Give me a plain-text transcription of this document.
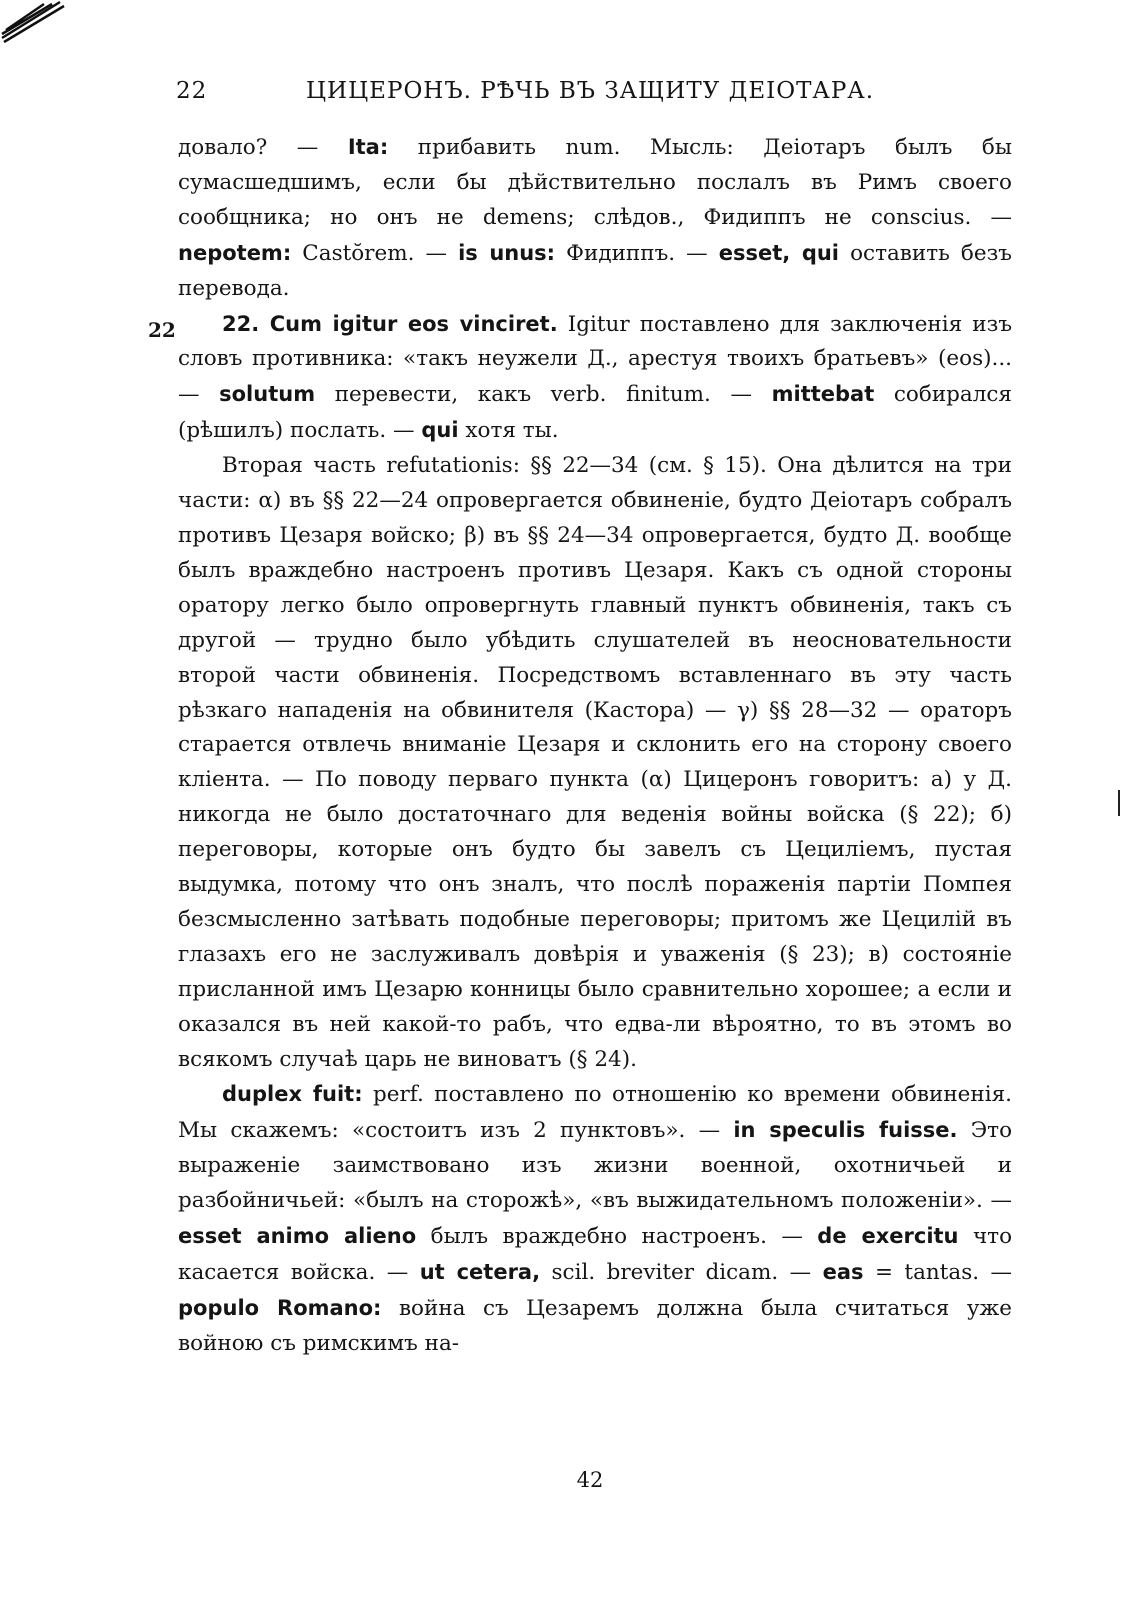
22	ЦИЦЕРОНЪ. РѢЧЬ ВЪ ЗАЩИТУ ДЕІОТАРА.
22

довало? — Ita: прибавить num. Мысль: Деіотаръ былъ бы сумасшедшимъ, если бы дѣйствительно послалъ въ Римъ своего сообщника; но онъ не demens; слѣдов., Фидиппъ не conscius. — nepotem: Castŏrem. — is unus: Фидиппъ. — esset, qui оставить безъ перевода.

22. Cum igitur eos vinciret. Igitur поставлено для заключенія изъ словъ противника: «такъ неужели Д., арестуя твоихъ братьевъ» (eos)... — solutum перевести, какъ verb. finitum. — mittebat собирался (рѣшилъ) послать. — qui хотя ты.

Вторая часть refutationis: §§ 22—34 (см. § 15). Она дѣлится на три части: α) въ §§ 22—24 опровергается обвиненіе, будто Деіотаръ собралъ противъ Цезаря войско; β) въ §§ 24—34 опровергается, будто Д. вообще былъ враждебно настроенъ противъ Цезаря. Какъ съ одной стороны оратору легко было опровергнуть главный пунктъ обвиненія, такъ съ другой — трудно было убѣдить слушателей въ неосновательности второй части обвиненія. Посредствомъ вставленнаго въ эту часть рѣзкаго нападенія на обвинителя (Кастора) — γ) §§ 28—32 — ораторъ старается отвлечь вниманіе Цезаря и склонить его на сторону своего кліента. — По поводу перваго пункта (α) Цицеронъ говоритъ: а) у Д. никогда не было достаточнаго для веденія войны войска (§ 22); б) переговоры, которые онъ будто бы завелъ съ Цециліемъ, пустая выдумка, потому что онъ зналъ, что послѣ пораженія партіи Помпея безсмысленно затѣвать подобные переговоры; притомъ же Цецилій въ глазахъ его не заслуживалъ довѣрія и уваженія (§ 23); в) состояніе присланной имъ Цезарю конницы было сравнительно хорошее; а если и оказался въ ней какой-то рабъ, что едва-ли вѣроятно, то въ этомъ во всякомъ случаѣ царь не виноватъ (§ 24).

duplex fuit: perf. поставлено по отношенію ко времени обвиненія. Мы скажемъ: «состоитъ изъ 2 пунктовъ». — in speculis fuisse. Это выраженіе заимствовано изъ жизни военной, охотничьей и разбойничьей: «былъ на сторожѣ», «въ выжидательномъ положеніи». — esset animo alieno былъ враждебно настроенъ. — de exercitu что касается войска. — ut cetera, scil. breviter dicam. — eas = tantas. — populo Romano: война съ Цезаремъ должна была считаться уже войною съ римскимъ на-

42
